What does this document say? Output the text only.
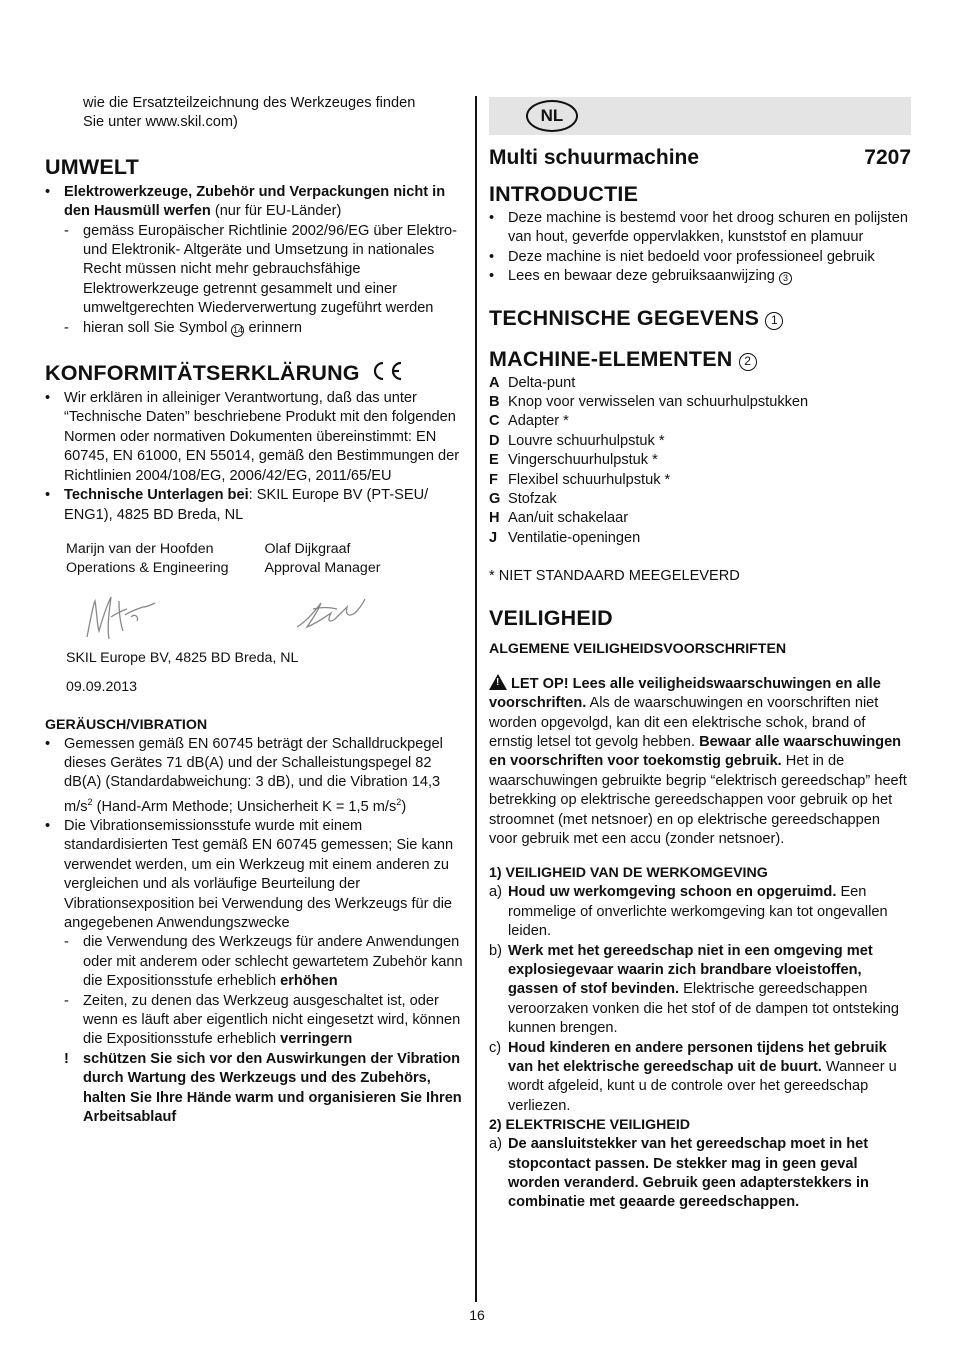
wie die Ersatzteilzeichnung des Werkzeuges finden
Sie unter www.skil.com)

UMWELT
• Elektrowerkzeuge, Zubehör und Verpackungen nicht in den Hausmüll werfen (nur für EU-Länder)
- gemäss Europäischer Richtlinie 2002/96/EG über Elektro- und Elektronik- Altgeräte und Umsetzung in nationales Recht müssen nicht mehr gebrauchsfähige Elektrowerkzeuge getrennt gesammelt und einer umweltgerechten Wiederverwertung zugeführt werden
- hieran soll Sie Symbol 14 erinnern
KONFORMITÄTSERKLÄRUNG
• Wir erklären in alleiniger Verantwortung, daß das unter “Technische Daten” beschriebene Produkt mit den folgenden Normen oder normativen Dokumenten übereinstimmt: EN 60745, EN 61000, EN 55014, gemäß den Bestimmungen der Richtlinien 2004/108/EG, 2006/42/EG, 2011/65/EU
• Technische Unterlagen bei: SKIL Europe BV (PT-SEU/ ENG1), 4825 BD Breda, NL
Marijn van der Hoofden
Operations & Engineering
Olaf Dijkgraaf
Approval Manager
SKIL Europe BV, 4825 BD Breda, NL
09.09.2013
GERÄUSCH/VIBRATION
• Gemessen gemäß EN 60745 beträgt der Schalldruckpegel dieses Gerätes 71 dB(A) und der Schalleistungspegel 82 dB(A) (Standardabweichung: 3 dB), und die Vibration 14,3 $m/s^2$ (Hand-Arm Methode; Unsicherheit K = 1,5 $m/s^2$)
• Die Vibrationsemissionsstufe wurde mit einem standardisierten Test gemäß EN 60745 gemessen; Sie kann verwendet werden, um ein Werkzeug mit einem anderen zu vergleichen und als vorläufige Beurteilung der Vibrationsexposition bei Verwendung des Werkzeugs für die angegebenen Anwendungszwecke
- die Verwendung des Werkzeugs für andere Anwendungen oder mit anderem oder schlecht gewartetem Zubehör kann die Expositionsstufe erheblich erhöhen
- Zeiten, zu denen das Werkzeug ausgeschaltet ist, oder wenn es läuft aber eigentlich nicht eingesetzt wird, können die Expositionsstufe erheblich verringern
! schützen Sie sich vor den Auswirkungen der Vibration durch Wartung des Werkzeugs und des Zubehörs, halten Sie Ihre Hände warm und organisieren Sie Ihren Arbeitsablauf
NL
Multi schuurmachine	7207
INTRODUCTIE
• Deze machine is bestemd voor het droog schuren en polijsten van hout, geverfde oppervlakken, kunststof en plamuur
• Deze machine is niet bedoeld voor professioneel gebruik
• Lees en bewaar deze gebruiksaanwijzing 3
TECHNISCHE GEGEVENS 1
MACHINE-ELEMENTEN 2
A Delta-punt
B Knop voor verwisselen van schuurhulpstukken
C Adapter *
D Louvre schuurhulpstuk *
E Vingerschuurhulpstuk *
F Flexibel schuurhulpstuk *
G Stofzak
H Aan/uit schakelaar
J Ventilatie-openingen

* NIET STANDAARD MEEGELEVERD

VEILIGHEID
ALGEMENE VEILIGHEIDSVOORSCHRIFTEN

! LET OP! Lees alle veiligheidswaarschuwingen en alle voorschriften. Als de waarschuwingen en voorschriften niet worden opgevolgd, kan dit een elektrische schok, brand of ernstig letsel tot gevolg hebben. Bewaar alle waarschuwingen en voorschriften voor toekomstig gebruik. Het in de waarschuwingen gebruikte begrip “elektrisch gereedschap” heeft betrekking op elektrische gereedschappen voor gebruik op het stroomnet (met netsnoer) en op elektrische gereedschappen voor gebruik met een accu (zonder netsnoer).

1) VEILIGHEID VAN DE WERKOMGEVING
a) Houd uw werkomgeving schoon en opgeruimd. Een rommelige of onverlichte werkomgeving kan tot ongevallen leiden.
b) Werk met het gereedschap niet in een omgeving met explosiegevaar waarin zich brandbare vloeistoffen, gassen of stof bevinden. Elektrische gereedschappen veroorzaken vonken die het stof of de dampen tot ontsteking kunnen brengen.
c) Houd kinderen en andere personen tijdens het gebruik van het elektrische gereedschap uit de buurt. Wanneer u wordt afgeleid, kunt u de controle over het gereedschap verliezen.
2) ELEKTRISCHE VEILIGHEID
a) De aansluitstekker van het gereedschap moet in het stopcontact passen. De stekker mag in geen geval worden veranderd. Gebruik geen adapterstekkers in combinatie met geaarde gereedschappen.
16
